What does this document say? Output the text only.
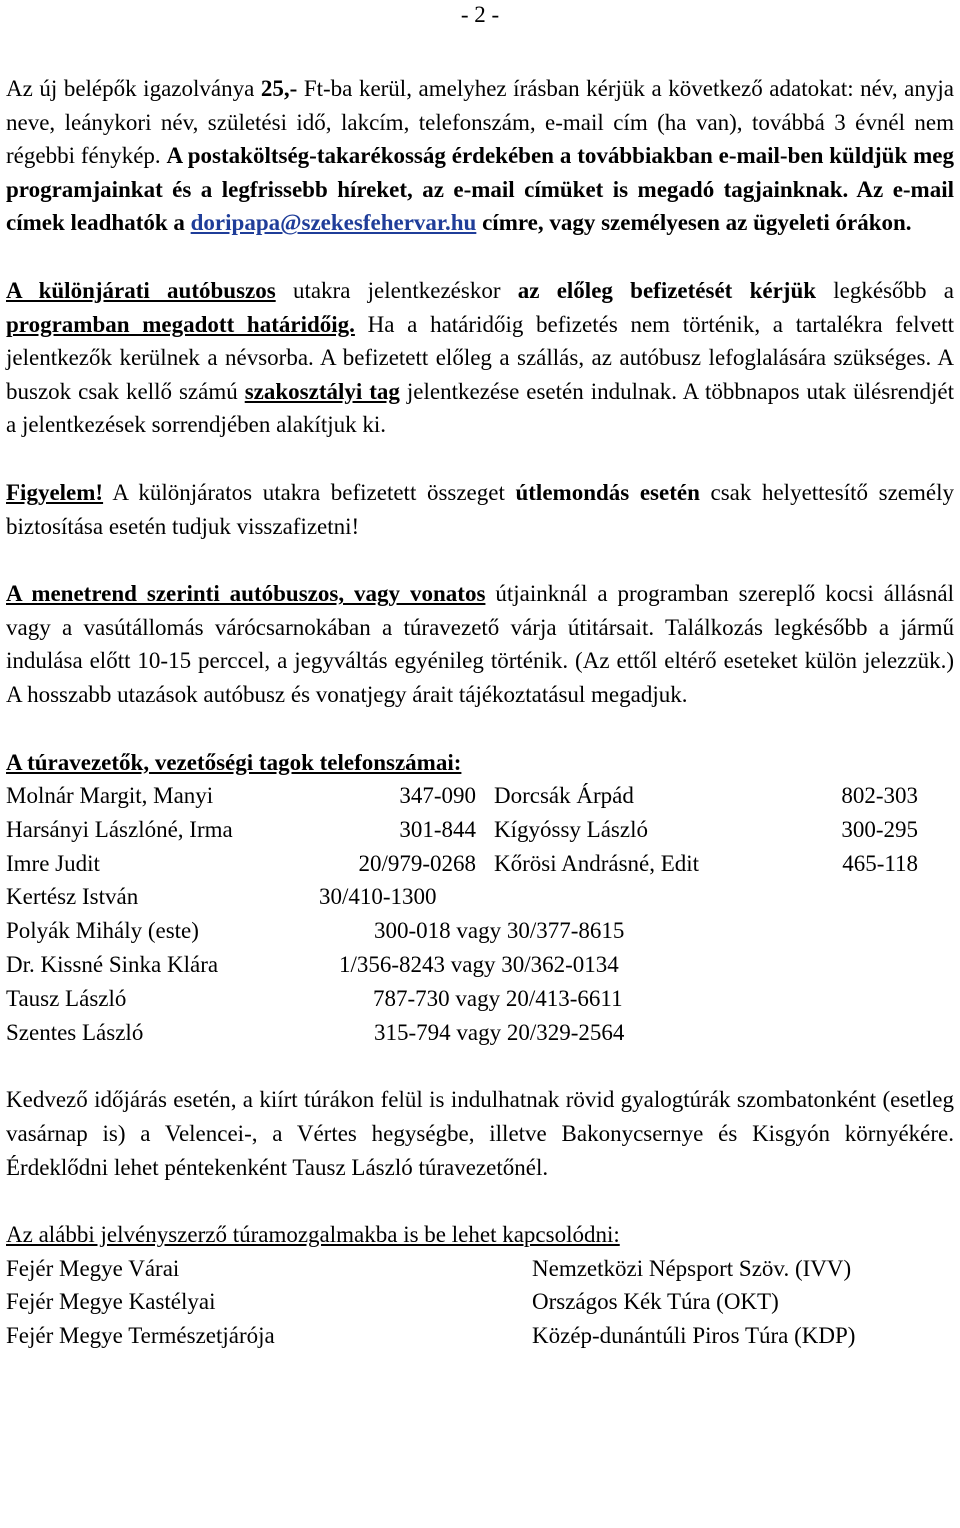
- 2 -

Az új belépők igazolványa 25,- Ft-ba kerül, amelyhez írásban kérjük a következő adatokat: név, anyja neve, leánykori név, születési idő, lakcím, telefonszám, e-mail cím (ha van), továbbá 3 évnél nem régebbi fénykép. A postaköltség-takarékosság érdekében a továbbiakban e-mail-ben küldjük meg programjainkat és a legfrissebb híreket, az e-mail címüket is megadó tagjainknak. Az e-mail címek leadhatók a doripapa@szekesfehervar.hu címre, vagy személyesen az ügyeleti órákon.

A különjárati autóbuszos utakra jelentkezéskor az előleg befizetését kérjük legkésőbb a programban megadott határidőig. Ha a határidőig befizetés nem történik, a tartalékra felvett jelentkezők kerülnek a névsorba. A befizetett előleg a szállás, az autóbusz lefoglalására szükséges. A buszok csak kellő számú szakosztályi tag jelentkezése esetén indulnak. A többnapos utak ülésrendjét a jelentkezések sorrendjében alakítjuk ki.

Figyelem! A különjáratos utakra befizetett összeget útlemondás esetén csak helyettesítő személy biztosítása esetén tudjuk visszafizetni!

A menetrend szerinti autóbuszos, vagy vonatos útjainknál a programban szereplő kocsi állásnál vagy a vasútállomás várócsarnokában a túravezető várja útitársait. Találkozás legkésőbb a jármű indulása előtt 10-15 perccel, a jegyváltás egyénileg történik. (Az ettől eltérő eseteket külön jelezzük.) A hosszabb utazások autóbusz és vonatjegy árait tájékoztatásul megadjuk.

A túravezetők, vezetőségi tagok telefonszámai:
Molnár Margit, Manyi	347-090 Dorcsák Árpád	802-303
Harsányi Lászlóné, Irma	301-844 Kígyóssy László	300-295
Imre Judit	20/979-0268 Kőrösi Andrásné, Edit	465-118
Kertész István	30/410-1300
Polyák Mihály (este)	300-018 vagy 30/377-8615
Dr. Kissné Sinka Klára	1/356-8243 vagy 30/362-0134
Tausz László	787-730 vagy 20/413-6611
Szentes László	315-794 vagy 20/329-2564

Kedvező időjárás esetén, a kiírt túrákon felül is indulhatnak rövid gyalogtúrák szombatonként (esetleg vasárnap is) a Velencei-, a Vértes hegységbe, illetve Bakonycsernye és Kisgyón környékére. Érdeklődni lehet péntekenként Tausz László túravezetőnél.

Az alábbi jelvényszerző túramozgalmakba is be lehet kapcsolódni:
Fejér Megye Várai	Nemzetközi Népsport Szöv. (IVV)
Fejér Megye Kastélyai	Országos Kék Túra (OKT)
Fejér Megye Természetjárója	Közép-dunántúli Piros Túra (KDP)
